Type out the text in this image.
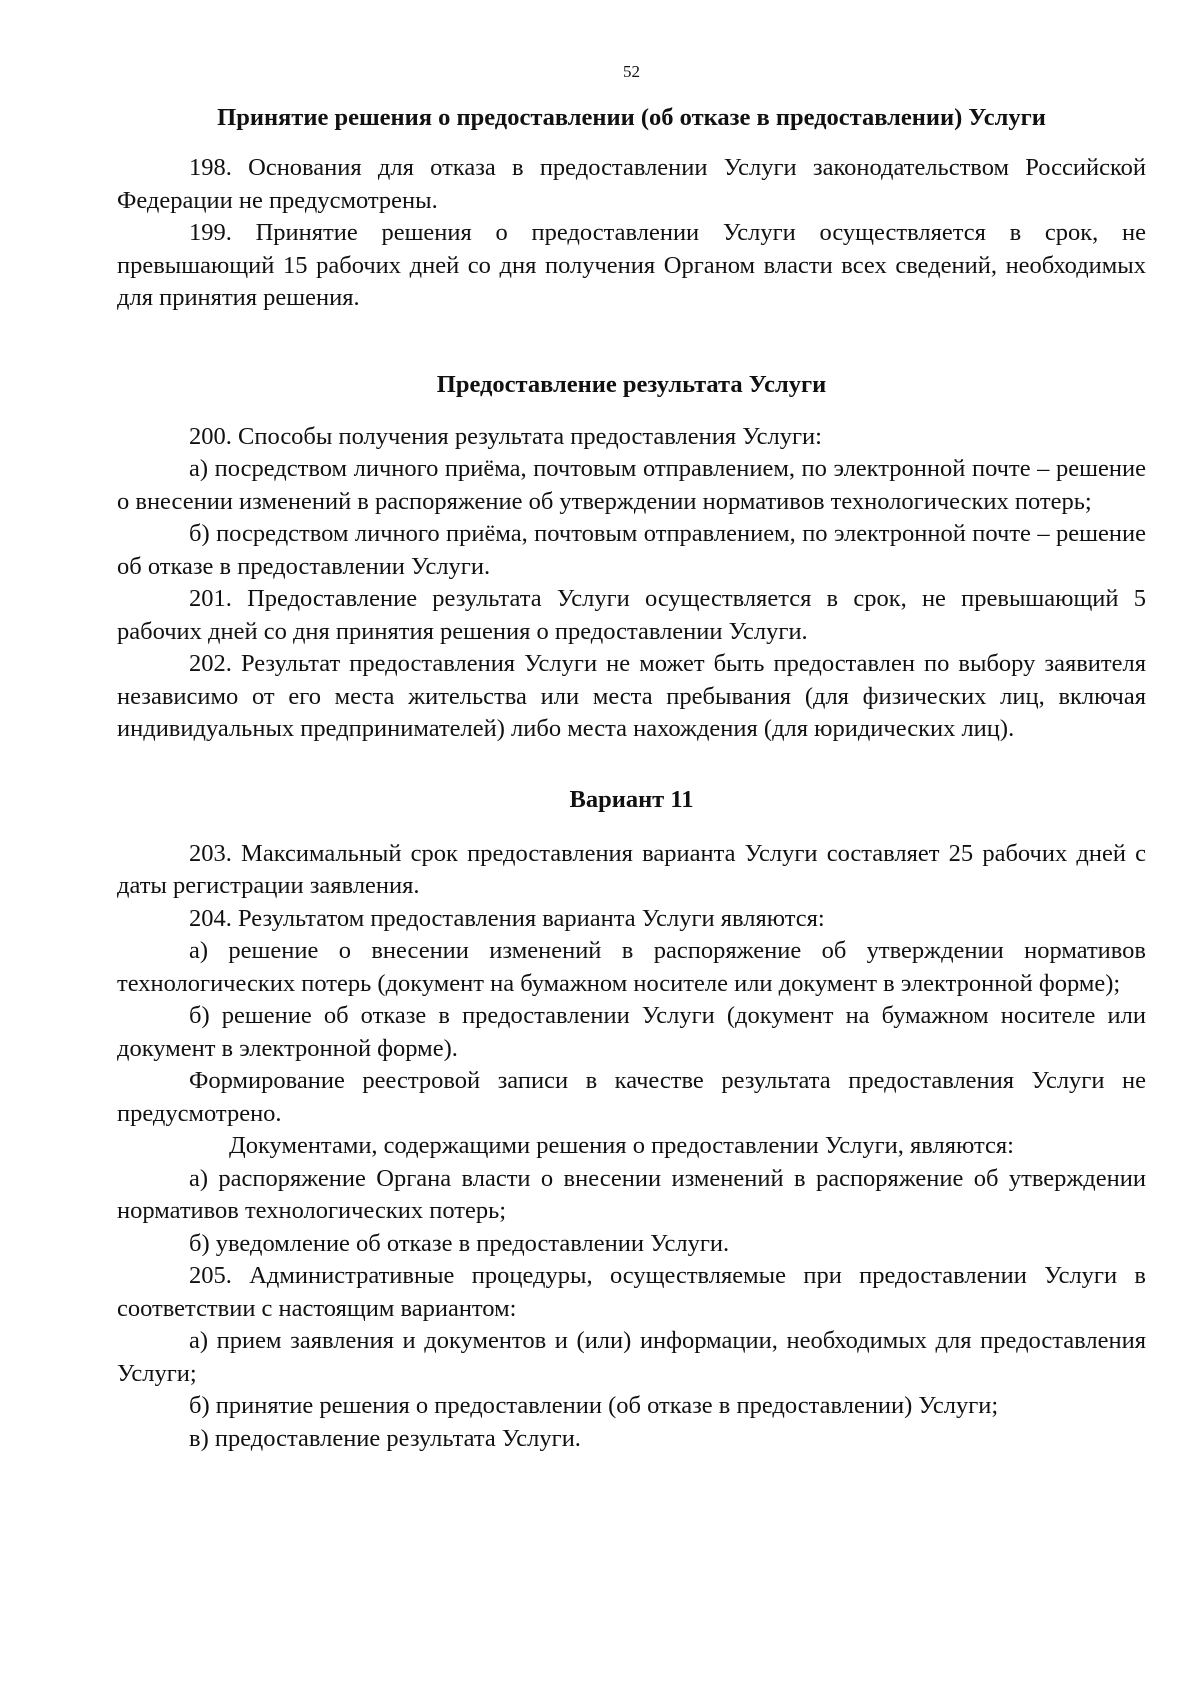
52
Принятие решения о предоставлении (об отказе в предоставлении) Услуги

198. Основания для отказа в предоставлении Услуги законодательством Российской Федерации не предусмотрены.

199. Принятие решения о предоставлении Услуги осуществляется в срок, не превышающий 15 рабочих дней со дня получения Органом власти всех сведений, необходимых для принятия решения.

Предоставление результата Услуги

200. Способы получения результата предоставления Услуги:

а) посредством личного приёма, почтовым отправлением, по электронной почте – решение о внесении изменений в распоряжение об утверждении нормативов технологических потерь;

б) посредством личного приёма, почтовым отправлением, по электронной почте – решение об отказе в предоставлении Услуги.

201. Предоставление результата Услуги осуществляется в срок, не превышающий 5 рабочих дней со дня принятия решения о предоставлении Услуги.

202. Результат предоставления Услуги не может быть предоставлен по выбору заявителя независимо от его места жительства или места пребывания (для физических лиц, включая индивидуальных предпринимателей) либо места нахождения (для юридических лиц).

Вариант 11

203. Максимальный срок предоставления варианта Услуги составляет 25 рабочих дней с даты регистрации заявления.

204. Результатом предоставления варианта Услуги являются:

а) решение о внесении изменений в распоряжение об утверждении нормативов технологических потерь (документ на бумажном носителе или документ в электронной форме);

б) решение об отказе в предоставлении Услуги (документ на бумажном носителе или документ в электронной форме).

Формирование реестровой записи в качестве результата предоставления Услуги не предусмотрено.

Документами, содержащими решения о предоставлении Услуги, являются:

а) распоряжение Органа власти о внесении изменений в распоряжение об утверждении нормативов технологических потерь;

б) уведомление об отказе в предоставлении Услуги.

205. Административные процедуры, осуществляемые при предоставлении Услуги в соответствии с настоящим вариантом:

а) прием заявления и документов и (или) информации, необходимых для предоставления Услуги;

б) принятие решения о предоставлении (об отказе в предоставлении) Услуги;

в) предоставление результата Услуги.
